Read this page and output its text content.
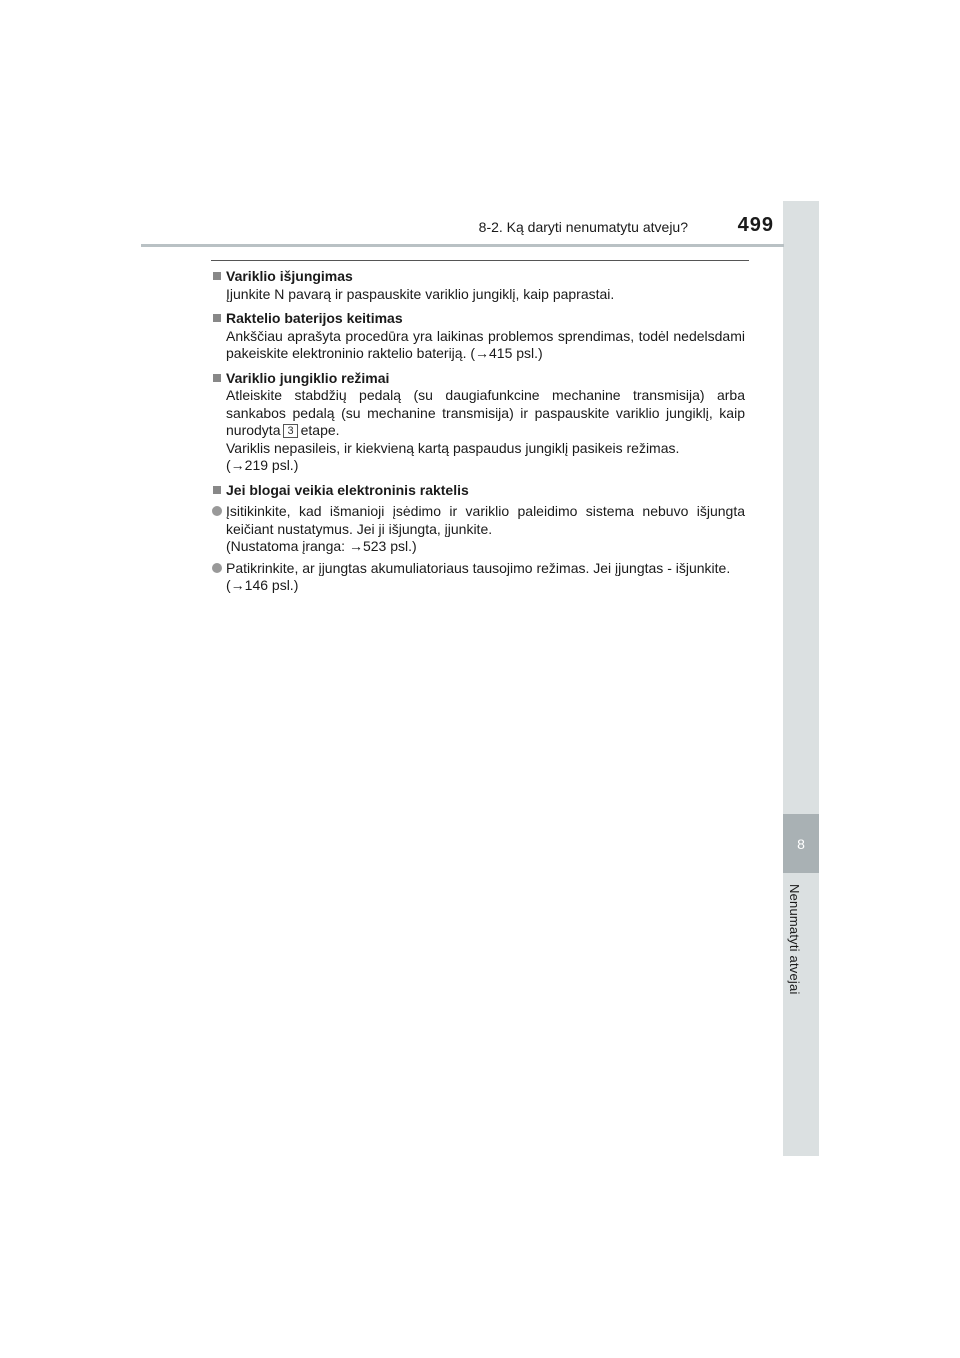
8
Nenumatyti atvejai
8-2. Ką daryti nenumatytu atveju?	499
Variklio išjungimas

Įjunkite N pavarą ir paspauskite variklio jungiklį, kaip paprastai.

Raktelio baterijos keitimas

Ankščiau aprašyta procedūra yra laikinas problemos sprendimas, todėl nedelsdami pakeiskite elektroninio raktelio bateriją. (→415 psl.)

Variklio jungiklio režimai

Atleiskite stabdžių pedalą (su daugiafunkcine mechanine transmisija) arba sankabos pedalą (su mechanine transmisija) ir paspauskite variklio jungiklį, kaip nurodyta 3 etape.

Variklis nepasileis, ir kiekvieną kartą paspaudus jungiklį pasikeis režimas.

(→219 psl.)

Jei blogai veikia elektroninis raktelis
Įsitikinkite, kad išmanioji įsėdimo ir variklio paleidimo sistema nebuvo išjungta keičiant nustatymus. Jei ji išjungta, įjunkite.
(Nustatoma įranga: →523 psl.)
Patikrinkite, ar įjungtas akumuliatoriaus tausojimo režimas. Jei įjungtas - išjunkite.
(→146 psl.)
